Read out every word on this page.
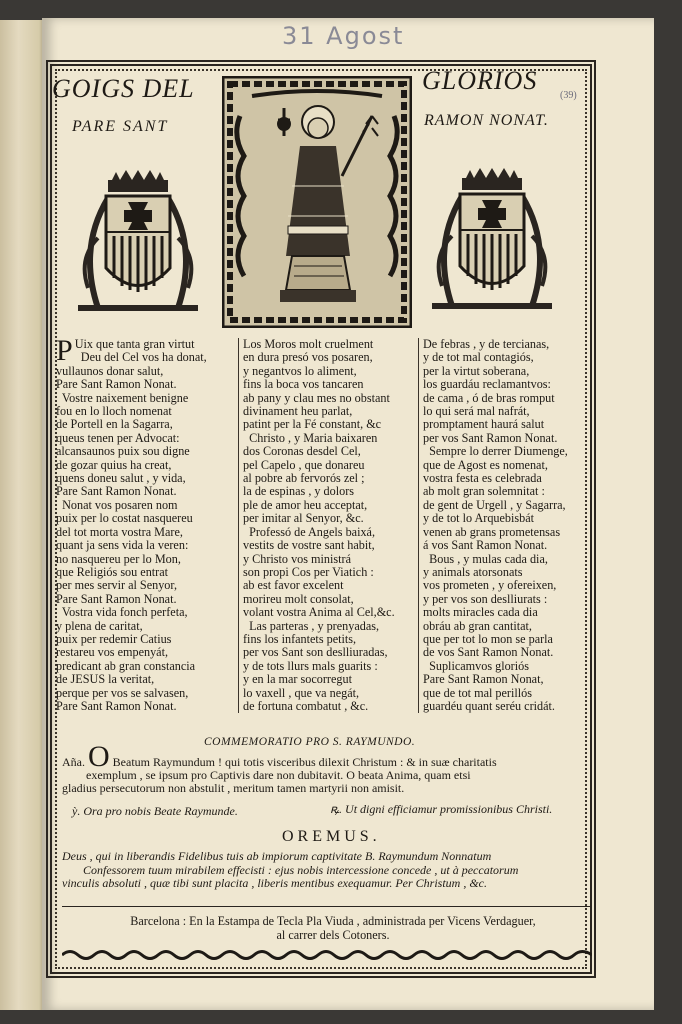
31 Agost
(39)
GOIGS DEL
PARE SANT
GLORIOS
RAMON NONAT.
P Uix que tanta gran virtut
Deu del Cel vos ha donat,
vullaunos donar salut,
Pare Sant Ramon Nonat.
Vostre naixement benigne
fou en lo lloch nomenat
de Portell en la Sagarra,
queus tenen per Advocat:
alcansaunos puix sou digne
de gozar quius ha creat,
quens doneu salut , y vida,
Pare Sant Ramon Nonat.
Nonat vos posaren nom
puix per lo costat nasquereu
del tot morta vostra Mare,
quant ja sens vida la veren:
no nasquereu per lo Mon,
que Religiós sou entrat
per mes servir al Senyor,
Pare Sant Ramon Nonat.
Vostra vida fonch perfeta,
y plena de caritat,
puix per redemir Catius
restareu vos empenyát,
predicant ab gran constancia
de JESUS la veritat,
perque per vos se salvasen,
Pare Sant Ramon Nonat.
Los Moros molt cruelment
en dura presó vos posaren,
y negantvos lo aliment,
fins la boca vos tancaren
ab pany y clau mes no obstant
divinament heu parlat,
patint per la Fé constant, &c
Christo , y Maria baixaren
dos Coronas desdel Cel,
pel Capelo , que donareu
al pobre ab fervorós zel ;
la de espinas , y dolors
ple de amor heu acceptat,
per imitar al Senyor, &c.
Professó de Angels baixá,
vestits de vostre sant habit,
y Christo vos ministrá
son propi Cos per Viatich :
ab est favor excelent
morireu molt consolat,
volant vostra Anima al Cel,&c.
Las parteras , y prenyadas,
fins los infantets petits,
per vos Sant son deslliuradas,
y de tots llurs mals guarits :
y en la mar socorregut
lo vaxell , que va negát,
de fortuna combatut , &c.
De febras , y de tercianas,
y de tot mal contagiós,
per la virtut soberana,
los guardáu reclamantvos:
de cama , ó de bras romput
lo qui será mal nafrát,
promptament haurá salut
per vos Sant Ramon Nonat.
Sempre lo derrer Diumenge,
que de Agost es nomenat,
vostra festa es celebrada
ab molt gran solemnitat :
de gent de Urgell , y Sagarra,
y de tot lo Arquebisbát
venen ab grans prometensas
á vos Sant Ramon Nonat.
Bous , y mulas cada dia,
y animals atorsonats
vos prometen , y ofereixen,
y per vos son deslliurats :
molts miracles cada dia
obráu ab gran cantitat,
que per tot lo mon se parla
de vos Sant Ramon Nonat.
Suplicamvos gloriós
Pare Sant Ramon Nonat,
que de tot mal perillós
guardéu quant seréu cridát.
COMMEMORATIO PRO S. RAYMUNDO.
Aña. O Beatum Raymundum ! qui totis visceribus dilexit Christum : & in suæ charitatis
exemplum , se ipsum pro Captivis dare non dubitavit. O beata Anima, quam etsi
gladius persecutorum non abstulit , meritum tamen martyrii non amisit.
ỳ. Ora pro nobis Beate Raymunde.	ꝶ. Ut digni efficiamur promissionibus Christi.
OREMUS.
Deus , qui in liberandis Fidelibus tuis ab impiorum captivitate B. Raymundum Nonnatum
Confessorem tuum mirabilem effecisti : ejus nobis intercessione concede , ut à peccatorum
vinculis absoluti , quæ tibi sunt placita , liberis mentibus exequamur. Per Christum , &c.
Barcelona : En la Estampa de Tecla Pla Viuda , administrada per Vicens Verdaguer,
al carrer dels Cotoners.
